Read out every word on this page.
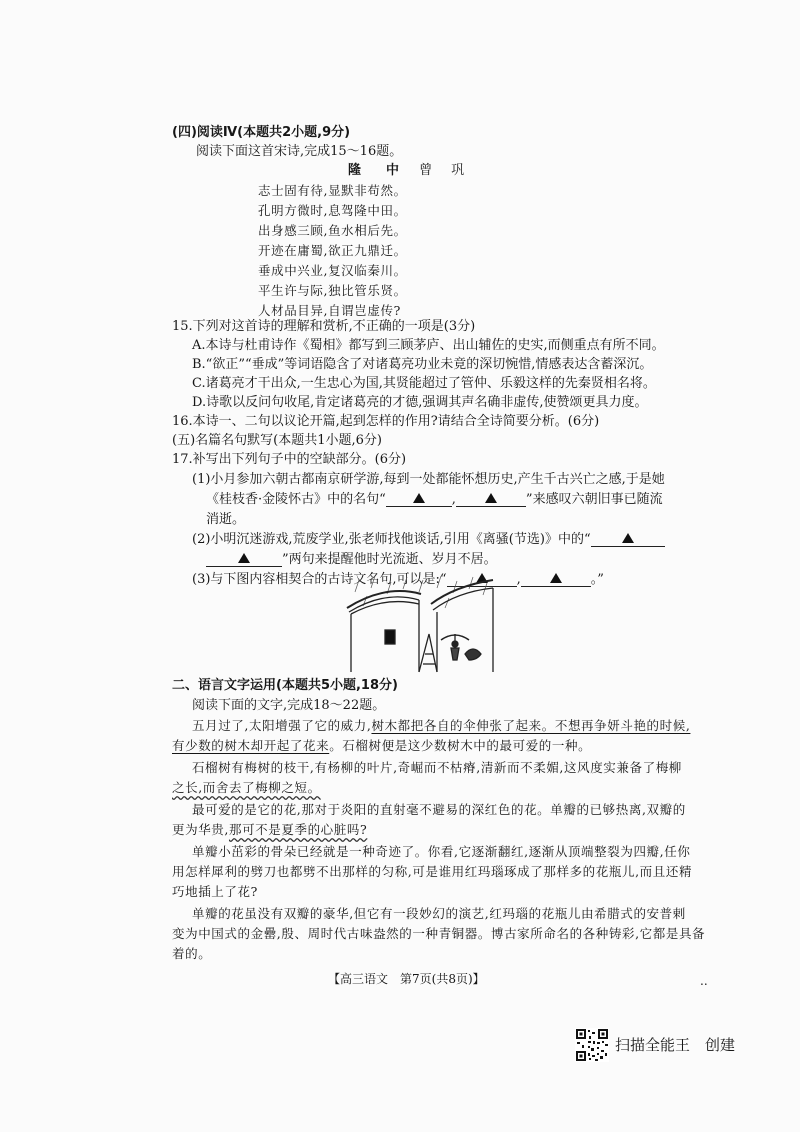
(四)阅读Ⅳ(本题共2小题,9分)
阅读下面这首宋诗,完成15～16题。
隆　中 曾　巩
志士固有待,显默非苟然。
孔明方微时,息驾隆中田。
出身感三顾,鱼水相后先。
开迹在庸蜀,欲正九鼎迁。
垂成中兴业,复汉临秦川。
平生许与际,独比管乐贤。
人材品目异,自谓岂虚传?
15.下列对这首诗的理解和赏析,不正确的一项是(3分)
A.本诗与杜甫诗作《蜀相》都写到三顾茅庐、出山辅佐的史实,而侧重点有所不同。
B.“欲正”“垂成”等词语隐含了对诸葛亮功业未竟的深切惋惜,情感表达含蓄深沉。
C.诸葛亮才干出众,一生忠心为国,其贤能超过了管仲、乐毅这样的先秦贤相名将。
D.诗歌以反问句收尾,肯定诸葛亮的才德,强调其声名确非虚传,使赞颂更具力度。
16.本诗一、二句以议论开篇,起到怎样的作用?请结合全诗简要分析。(6分)
(五)名篇名句默写(本题共1小题,6分)
17.补写出下列句子中的空缺部分。(6分)
(1)小月参加六朝古都南京研学游,每到一处都能怀想历史,产生千古兴亡之感,于是她
《桂枝香·金陵怀古》中的名句“	,	”来感叹六朝旧事已随流
消逝。
(2)小明沉迷游戏,荒废学业,张老师找他谈话,引用《离骚(节选)》中的“
”两句来提醒他时光流逝、岁月不居。
(3)与下图内容相契合的古诗文名句,可以是:“	,	。”
二、语言文字运用(本题共5小题,18分)
阅读下面的文字,完成18～22题。
五月过了,太阳增强了它的威力,树木都把各自的伞伸张了起来。不想再争妍斗艳的时候,
有少数的树木却开起了花来。石榴树便是这少数树木中的最可爱的一种。
石榴树有梅树的枝干,有杨柳的叶片,奇崛而不枯瘠,清新而不柔媚,这风度实兼备了梅柳
之长,而舍去了梅柳之短。
最可爱的是它的花,那对于炎阳的直射毫不避易的深红色的花。单瓣的已够热离,双瓣的
更为华贵,那可不是夏季的心脏吗?
单瓣小茁彩的骨朵已经就是一种奇迹了。你看,它逐渐翻红,逐渐从顶端整裂为四瓣,任你
用怎样犀利的劈刀也都劈不出那样的匀称,可是谁用红玛瑙琢成了那样多的花瓶儿,而且还精
巧地插上了花?
单瓣的花虽没有双瓣的豪华,但它有一段妙幻的演艺,红玛瑙的花瓶儿由希腊式的安普剌
变为中国式的金罍,殷、周时代古味盎然的一种青铜器。博古家所命名的各种铸彩,它都是具备
着的。
【高三语文　第7页(共8页)】	..
扫描全能王　创建
